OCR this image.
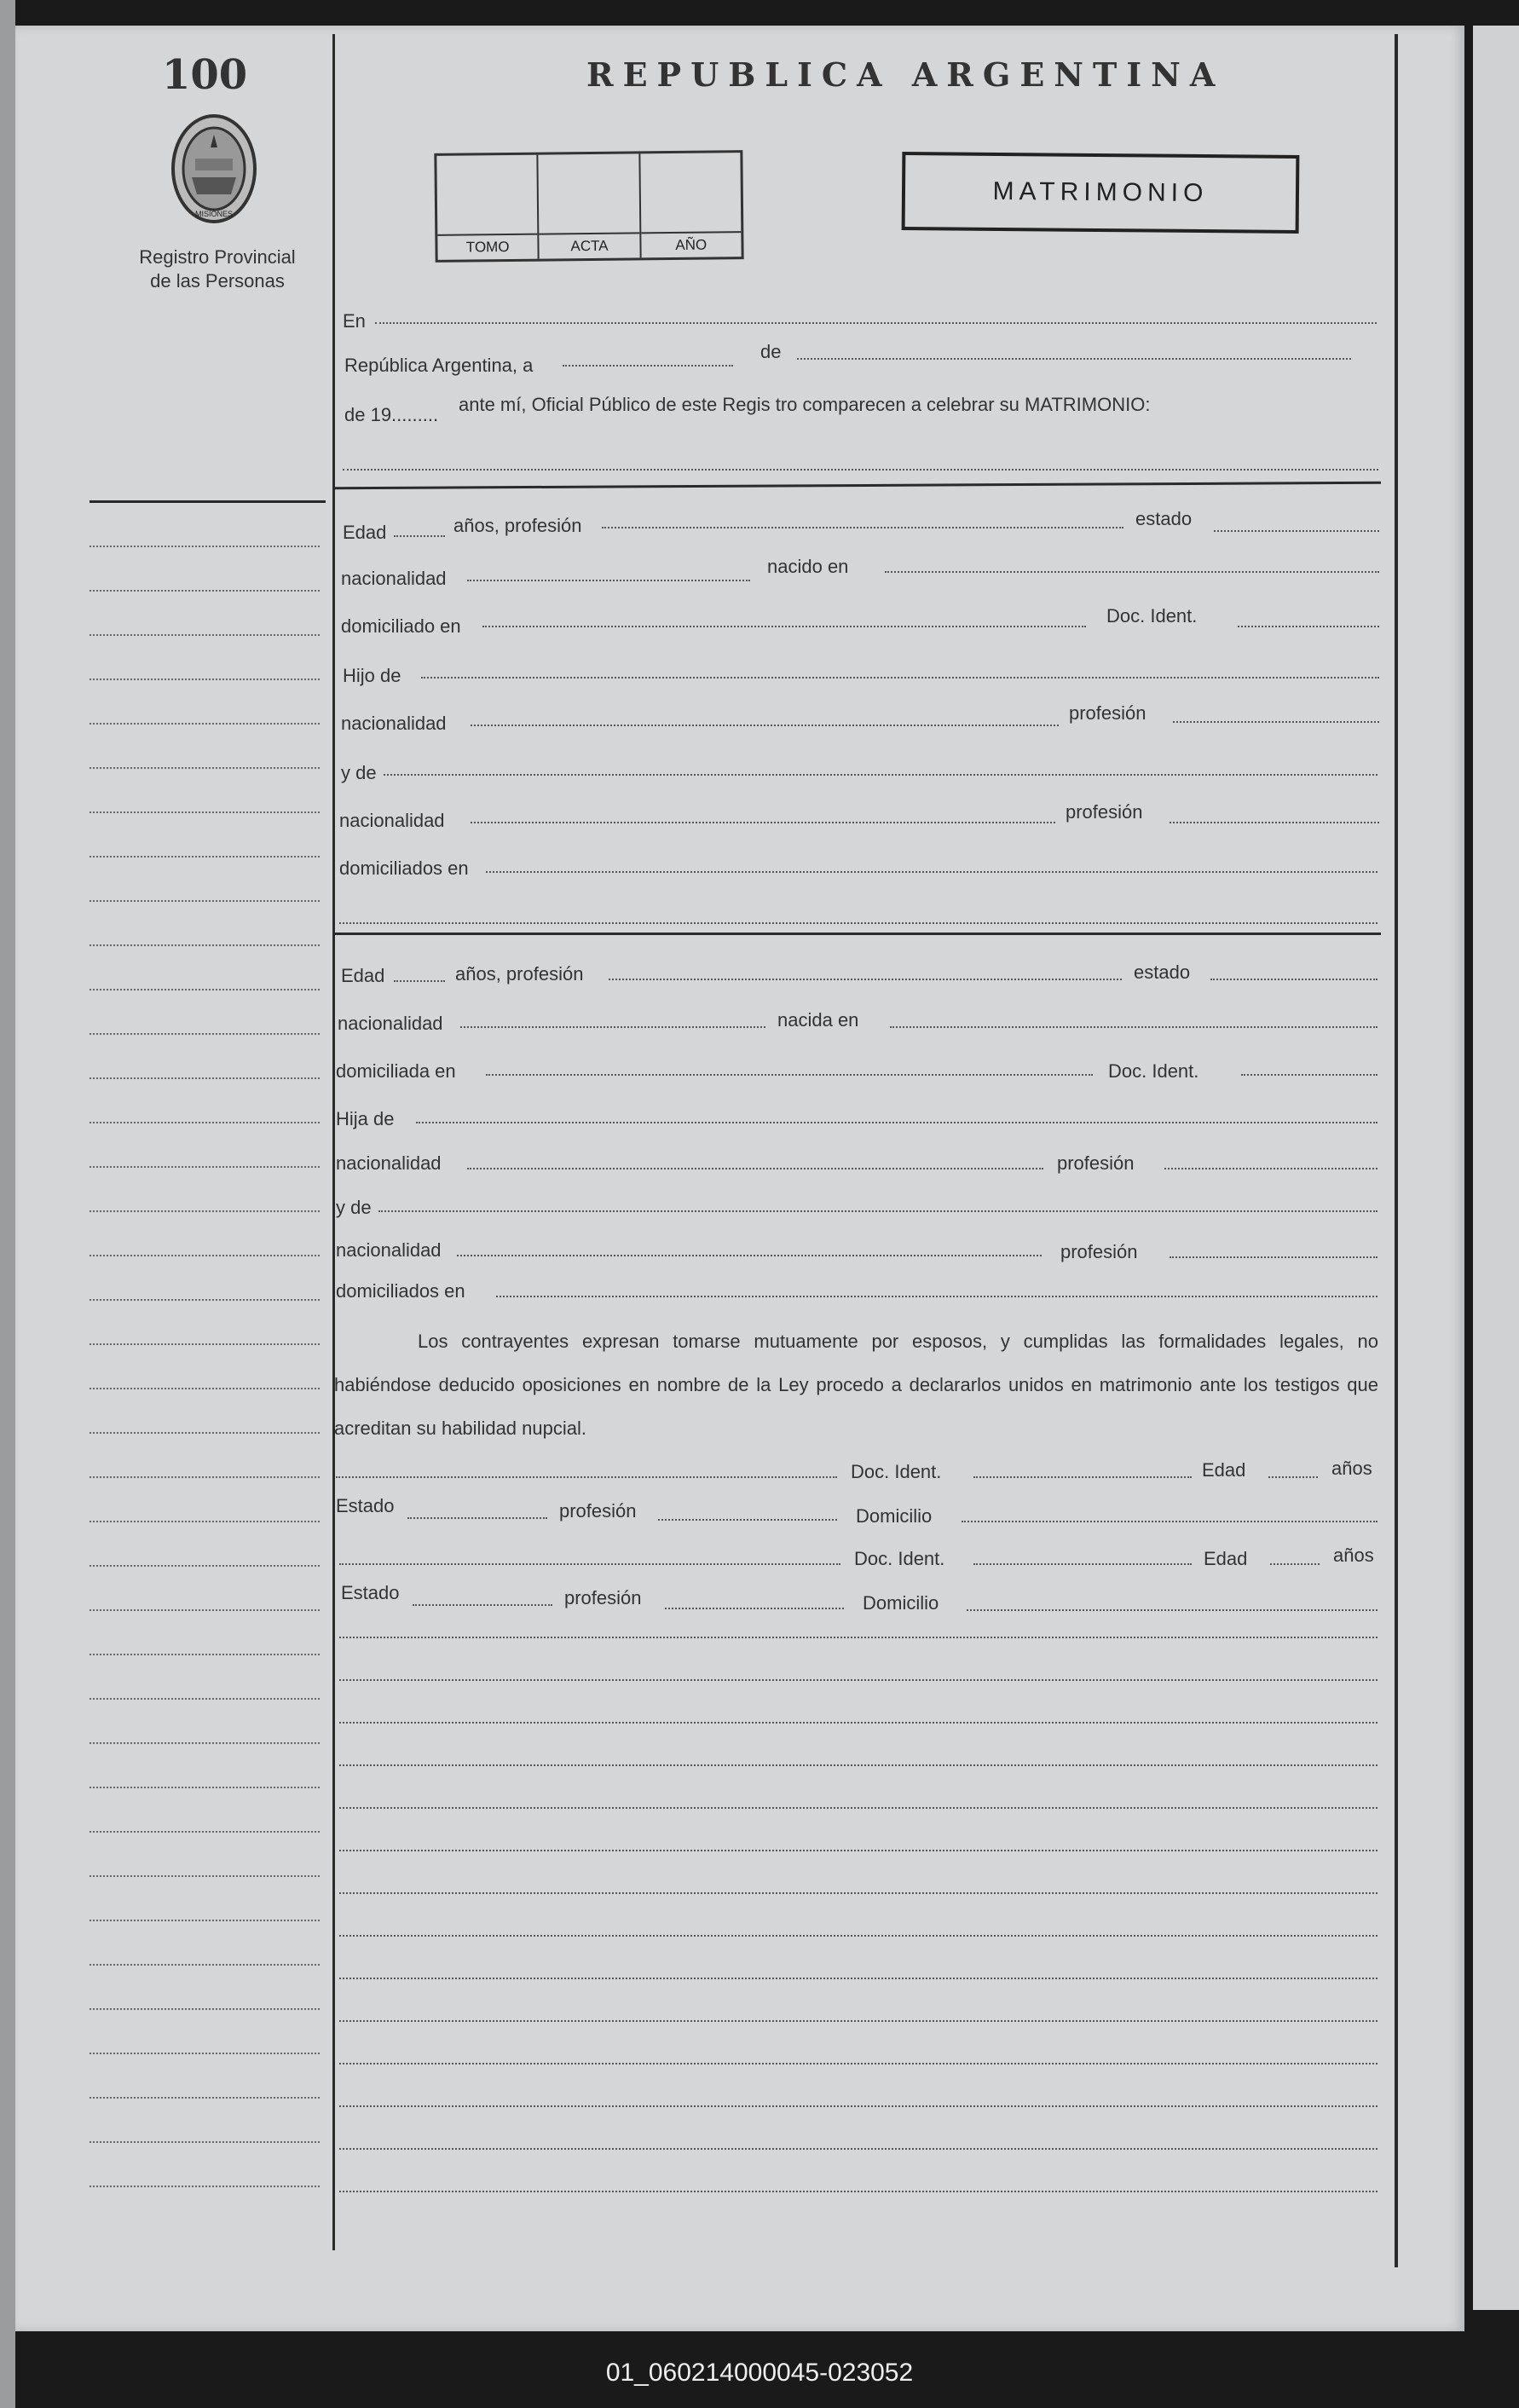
100
MISIONES
Registro Provincial
de las Personas
REPUBLICA ARGENTINA
TOMO	ACTA	AÑO
MATRIMONIO
En
República Argentina, a
de
de 19......... ante mí, Oficial Público de este Regis tro comparecen a celebrar su MATRIMONIO:
Edad	años, profesión	estado
nacionalidad
nacido en
domiciliado en	Doc. Ident.
Hijo de
nacionalidad	profesión
y de
nacionalidad	profesión
domiciliados en
Edad	años, profesión	estado
nacionalidad	nacida en
domiciliada en	Doc. Ident.
Hija de
nacionalidad	profesión
y de
nacionalidad	profesión
domiciliados en
Los contrayentes expresan tomarse mutuamente por esposos, y cumplidas las formalidades legales, no habiéndose deducido oposiciones en nombre de la Ley procedo a declararlos unidos en matrimonio ante los testigos que acreditan su habilidad nupcial.
Doc. Ident.	Edad	años
Estado	profesión	Domicilio
Doc. Ident.	Edad	años
Estado	profesión	Domicilio
01_060214000045-023052
